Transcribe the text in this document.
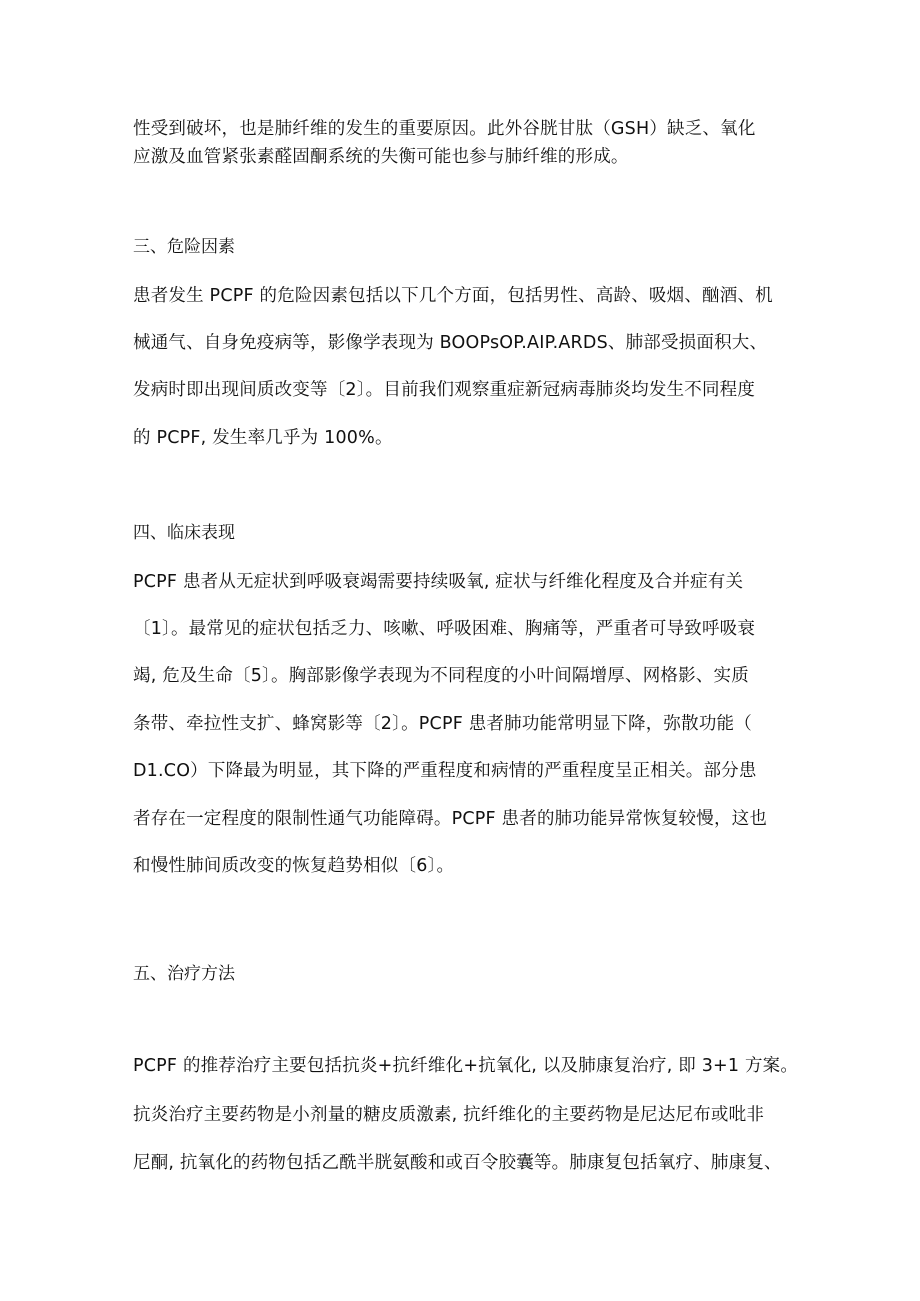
性受到破坏，也是肺纤维的发生的重要原因。此外谷胱甘肽（GSH）缺乏、氧化
应激及血管紧张素醛固酮系统的失衡可能也参与肺纤维的形成。
三、危险因素
患者发生 PCPF 的危险因素包括以下几个方面，包括男性、高龄、吸烟、酗酒、机
械通气、自身免疫病等，影像学表现为 BOOPsOP.AIP.ARDS、肺部受损面积大、
发病时即出现间质改变等〔2〕。目前我们观察重症新冠病毒肺炎均发生不同程度
的 PCPF, 发生率几乎为 100%。
四、临床表现
PCPF 患者从无症状到呼吸衰竭需要持续吸氧, 症状与纤维化程度及合并症有关
〔1〕。最常见的症状包括乏力、咳嗽、呼吸困难、胸痛等，严重者可导致呼吸衰
竭, 危及生命〔5〕。胸部影像学表现为不同程度的小叶间隔增厚、网格影、实质
条带、牵拉性支扩、蜂窝影等〔2〕。PCPF 患者肺功能常明显下降，弥散功能（
D1.CO）下降最为明显，其下降的严重程度和病情的严重程度呈正相关。部分患
者存在一定程度的限制性通气功能障碍。PCPF 患者的肺功能异常恢复较慢，这也
和慢性肺间质改变的恢复趋势相似〔6〕。
五、治疗方法
PCPF 的推荐治疗主要包括抗炎+抗纤维化+抗氧化, 以及肺康复治疗, 即 3+1 方案。
抗炎治疗主要药物是小剂量的糖皮质激素, 抗纤维化的主要药物是尼达尼布或吡非
尼酮, 抗氧化的药物包括乙酰半胱氨酸和或百令胶囊等。肺康复包括氧疗、肺康复、
